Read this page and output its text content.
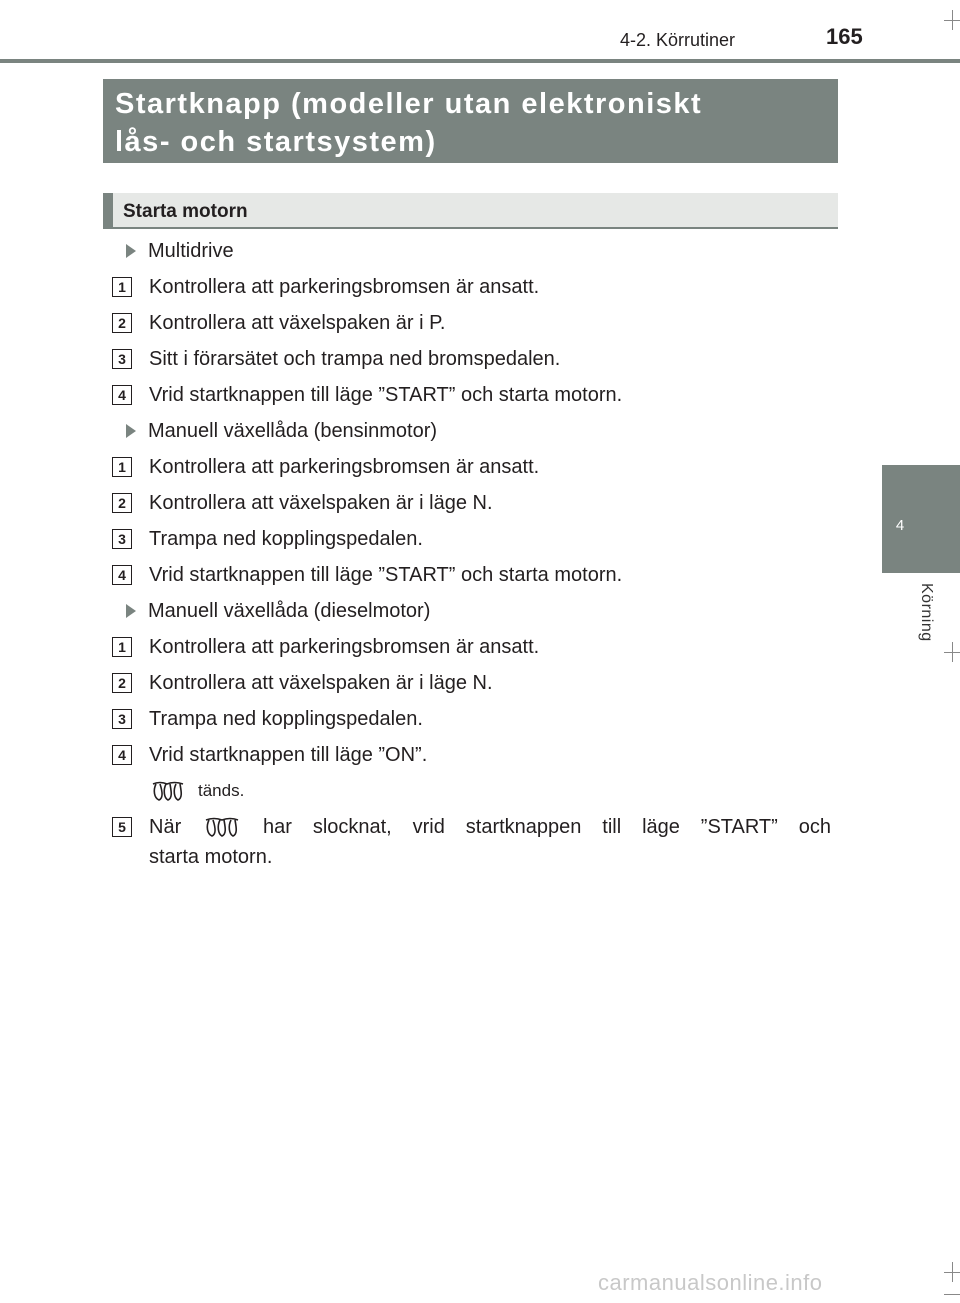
4-2. Körrutiner	165
4
Körning
Startknapp (modeller utan elektroniskt
lås- och startsystem)
Starta motorn
Multidrive
1	Kontrollera att parkeringsbromsen är ansatt.
2	Kontrollera att växelspaken är i P.
3	Sitt i förarsätet och trampa ned bromspedalen.
4	Vrid startknappen till läge ”START” och starta motorn.
Manuell växellåda (bensinmotor)
1	Kontrollera att parkeringsbromsen är ansatt.
2	Kontrollera att växelspaken är i läge N.
3	Trampa ned kopplingspedalen.
4	Vrid startknappen till läge ”START” och starta motorn.
Manuell växellåda (dieselmotor)
1	Kontrollera att parkeringsbromsen är ansatt.
2	Kontrollera att växelspaken är i läge N.
3	Trampa ned kopplingspedalen.
4	Vrid startknappen till läge ”ON”.
tänds.
5	När	har slocknat, vrid startknappen till läge ”START” och
starta motorn.
carmanualsonline.info
